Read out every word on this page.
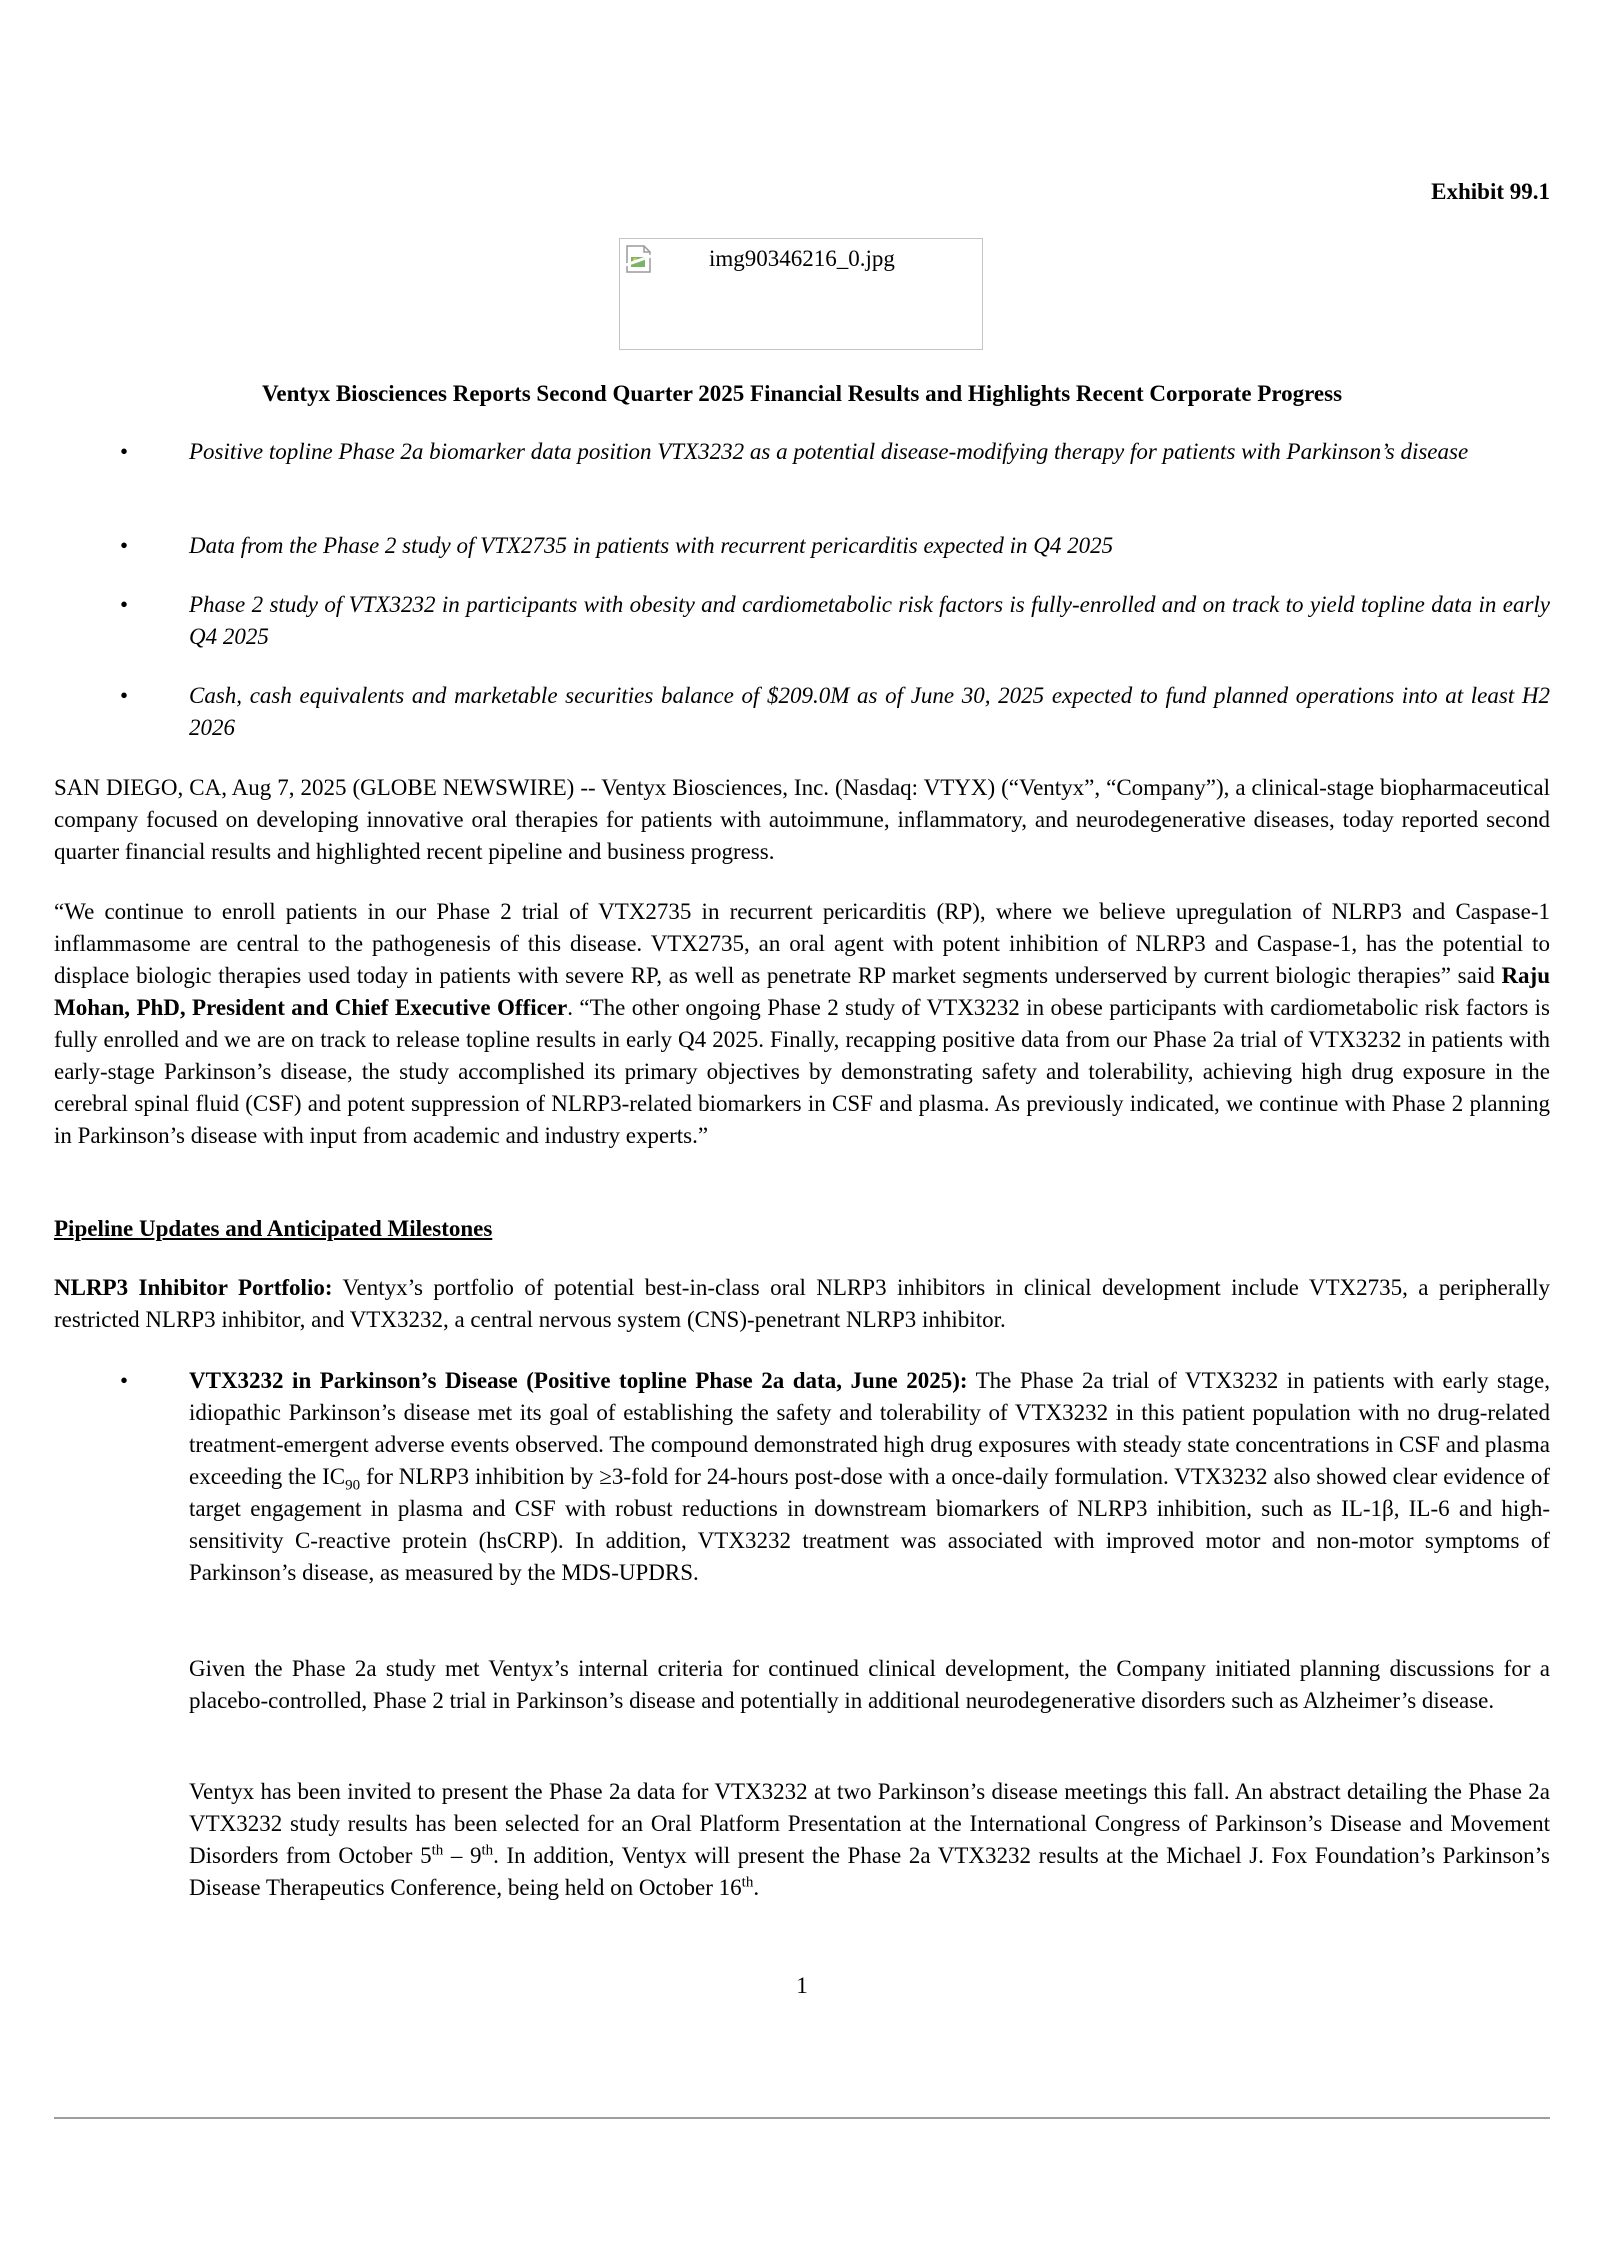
Exhibit 99.1
img90346216_0.jpg
Ventyx Biosciences Reports Second Quarter 2025 Financial Results and Highlights Recent Corporate Progress
•	Positive topline Phase 2a biomarker data position VTX3232 as a potential disease-modifying therapy for patients with Parkinson’s disease
•	Data from the Phase 2 study of VTX2735 in patients with recurrent pericarditis expected in Q4 2025
•	Phase 2 study of VTX3232 in participants with obesity and cardiometabolic risk factors is fully-enrolled and on track to yield topline data in early Q4 2025
•	Cash, cash equivalents and marketable securities balance of $209.0M as of June 30, 2025 expected to fund planned operations into at least H2 2026

SAN DIEGO, CA, Aug 7, 2025 (GLOBE NEWSWIRE) -- Ventyx Biosciences, Inc. (Nasdaq: VTYX) (“Ventyx”, “Company”), a clinical-stage biopharmaceutical company focused on developing innovative oral therapies for patients with autoimmune, inflammatory, and neurodegenerative diseases, today reported second quarter financial results and highlighted recent pipeline and business progress.

“We continue to enroll patients in our Phase 2 trial of VTX2735 in recurrent pericarditis (RP), where we believe upregulation of NLRP3 and Caspase-1 inflammasome are central to the pathogenesis of this disease. VTX2735, an oral agent with potent inhibition of NLRP3 and Caspase-1, has the potential to displace biologic therapies used today in patients with severe RP, as well as penetrate RP market segments underserved by current biologic therapies” said Raju Mohan, PhD, President and Chief Executive Officer. “The other ongoing Phase 2 study of VTX3232 in obese participants with cardiometabolic risk factors is fully enrolled and we are on track to release topline results in early Q4 2025. Finally, recapping positive data from our Phase 2a trial of VTX3232 in patients with early-stage Parkinson’s disease, the study accomplished its primary objectives by demonstrating safety and tolerability, achieving high drug exposure in the cerebral spinal fluid (CSF) and potent suppression of NLRP3-related biomarkers in CSF and plasma. As previously indicated, we continue with Phase 2 planning in Parkinson’s disease with input from academic and industry experts.”

Pipeline Updates and Anticipated Milestones

NLRP3 Inhibitor Portfolio: Ventyx’s portfolio of potential best-in-class oral NLRP3 inhibitors in clinical development include VTX2735, a peripherally restricted NLRP3 inhibitor, and VTX3232, a central nervous system (CNS)-penetrant NLRP3 inhibitor.

•	VTX3232 in Parkinson’s Disease (Positive topline Phase 2a data, June 2025): The Phase 2a trial of VTX3232 in patients with early stage, idiopathic Parkinson’s disease met its goal of establishing the safety and tolerability of VTX3232 in this patient population with no drug-related treatment-emergent adverse events observed. The compound demonstrated high drug exposures with steady state concentrations in CSF and plasma exceeding the $IC_{90}$ for NLRP3 inhibition by ≥3-fold for 24-hours post-dose with a once-daily formulation. VTX3232 also showed clear evidence of target engagement in plasma and CSF with robust reductions in downstream biomarkers of NLRP3 inhibition, such as IL-1β, IL-6 and high-sensitivity C-reactive protein (hsCRP). In addition, VTX3232 treatment was associated with improved motor and non-motor symptoms of Parkinson’s disease, as measured by the MDS-UPDRS.

Given the Phase 2a study met Ventyx’s internal criteria for continued clinical development, the Company initiated planning discussions for a placebo-controlled, Phase 2 trial in Parkinson’s disease and potentially in additional neurodegenerative disorders such as Alzheimer’s disease.

Ventyx has been invited to present the Phase 2a data for VTX3232 at two Parkinson’s disease meetings this fall. An abstract detailing the Phase 2a VTX3232 study results has been selected for an Oral Platform Presentation at the International Congress of Parkinson’s Disease and Movement Disorders from October 5th – 9th. In addition, Ventyx will present the Phase 2a VTX3232 results at the Michael J. Fox Foundation’s Parkinson’s Disease Therapeutics Conference, being held on October 16th.

1
